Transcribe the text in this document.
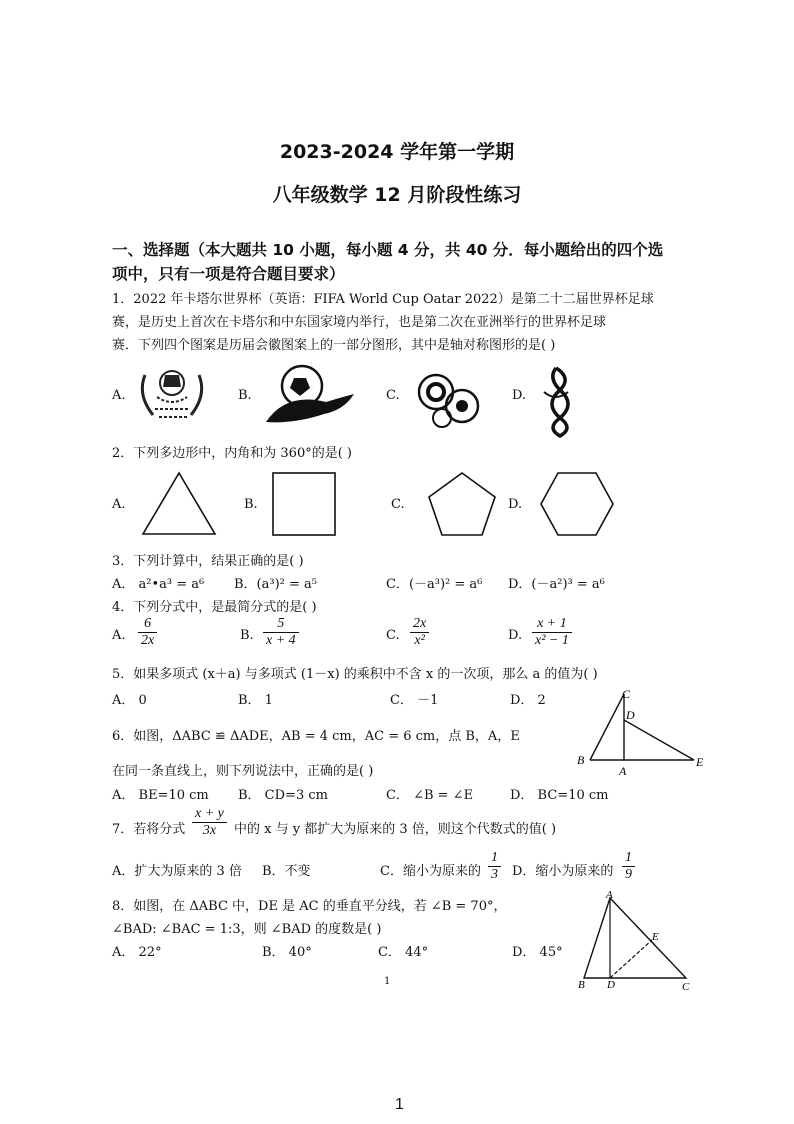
2023-2024 学年第一学期
八年级数学 12 月阶段性练习
一、选择题（本大题共 10 小题，每小题 4 分，共 40 分．每小题给出的四个选
项中，只有一项是符合题目要求）
1．2022 年卡塔尔世界杯（英语：FIFA World Cup Oatar 2022）是第二十二届世界杯足球
赛，是历史上首次在卡塔尔和中东国家境内举行，也是第二次在亚洲举行的世界杯足球
赛．下列四个图案是历届会徽图案上的一部分图形，其中是轴对称图形的是( )
A.	B.	C.	D.
2．下列多边形中，内角和为 360°的是( )
A.	B.	C.	D.
3．下列计算中，结果正确的是( )
A． a²•a³ = a⁶ B．(a³)² = a⁵	C．(－a³)² = a⁶ D．(－a²)³ = a⁶
4．下列分式中，是最简分式的是( )
A. $\frac{6}{2x}$	B. $\frac{5}{x + 4}$	C. $\frac{2x}{\text{x²}}$	D. $\frac{x + 1}{\text{x² − 1}}$
5．如果多项式 (x＋a) 与多项式 (1－x) 的乘积中不含 x 的一次项，那么 a 的值为( )
A． 0	B． 1	C． －1	D． 2
6．如图，ΔABC ≌ ΔADE，AB = 4 cm，AC = 6 cm，点 B，A，E
在同一条直线上，则下列说法中，正确的是( )
A． BE=10 cm B． CD=3 cm	C． ∠B = ∠E	D． BC=10 cm
C
D
B
A
E
7．若将分式 $\frac{x + y}{3x}$ 中的 x 与 y 都扩大为原来的 3 倍，则这个代数式的值( )
A．扩大为原来的 3 倍 B．不变	C．缩小为原来的 $\frac{1}{3}$ D．缩小为原来的 $\frac{1}{9}$
8．如图，在 ΔABC 中，DE 是 AC 的垂直平分线，若 ∠B = 70°，
∠BAD: ∠BAC = 1:3，则 ∠BAD 的度数是( )
A． 22°	B． 40°	C． 44°	D． 45°
A
E
B D	C
1
1
